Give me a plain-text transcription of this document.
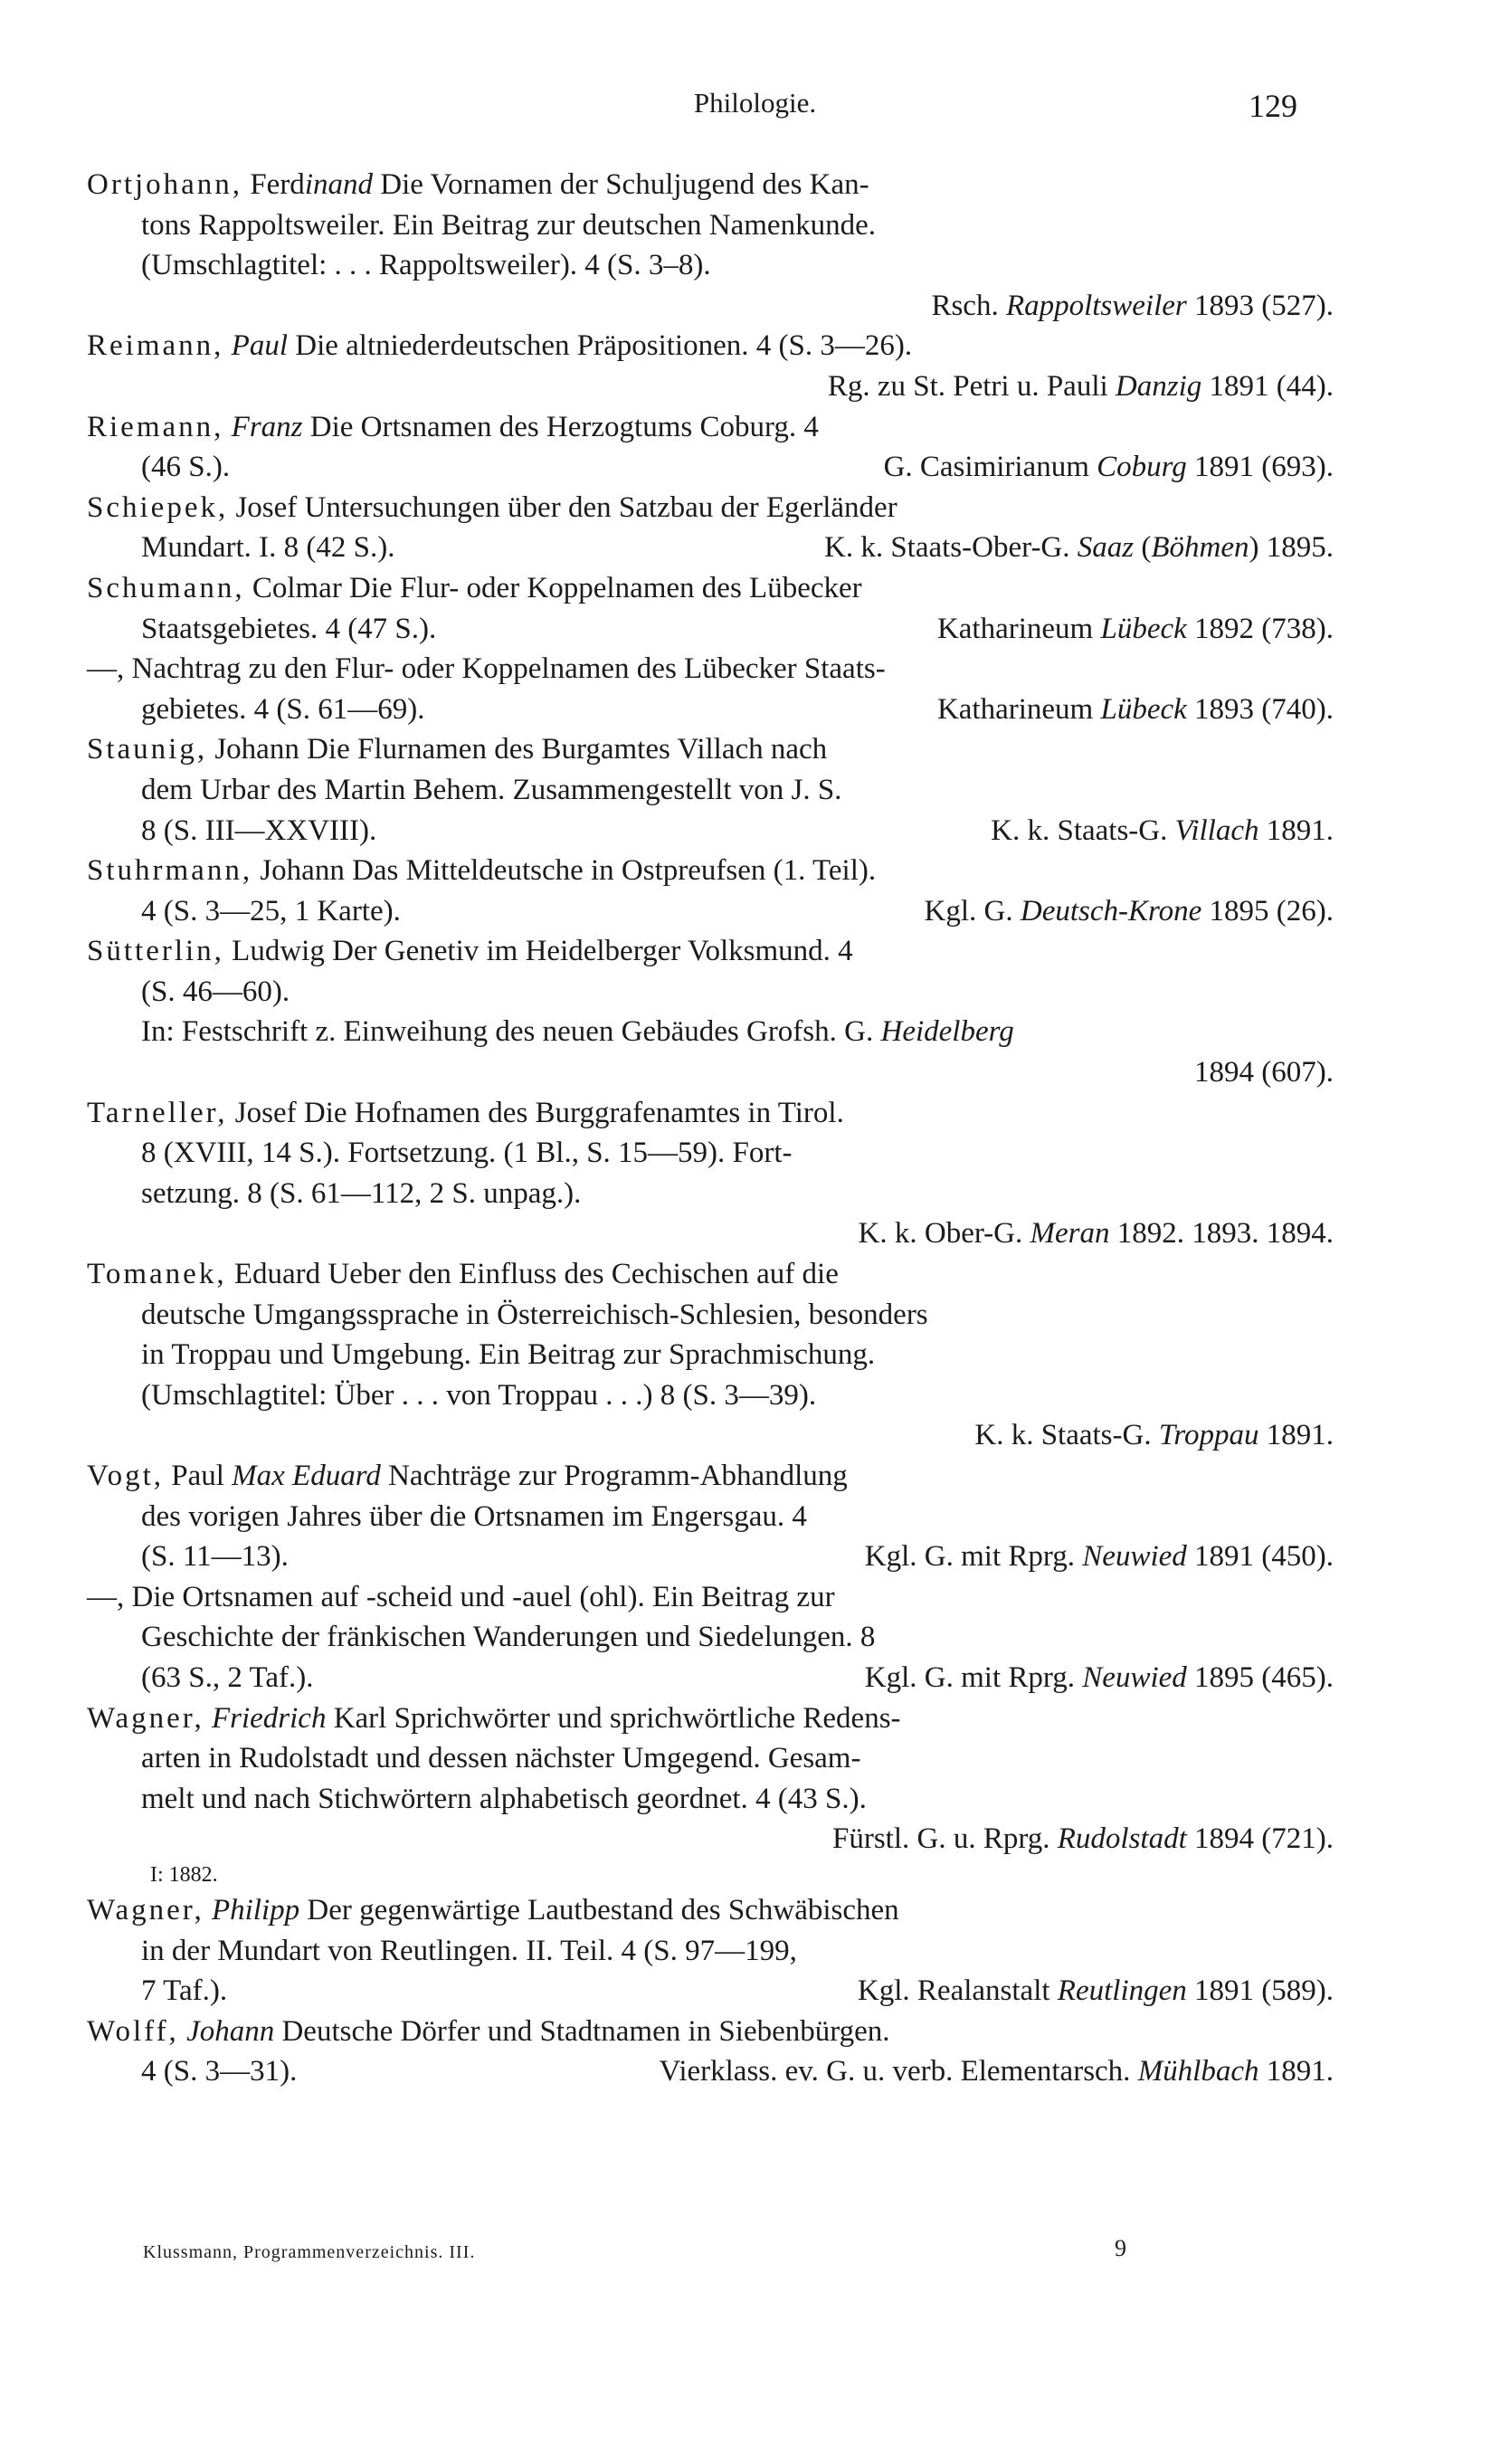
Philologie.	129
Ortjohann, Ferdinand Die Vornamen der Schuljugend des Kan-
tons Rappoltsweiler. Ein Beitrag zur deutschen Namenkunde.
(Umschlagtitel: . . . Rappoltsweiler). 4 (S. 3–8).
Rsch. Rappoltsweiler 1893 (527).
Reimann, Paul Die altniederdeutschen Präpositionen. 4 (S. 3—26).
Rg. zu St. Petri u. Pauli Danzig 1891 (44).
Riemann, Franz Die Ortsnamen des Herzogtums Coburg. 4
(46 S.).	G. Casimirianum Coburg 1891 (693).
Schiepek, Josef Untersuchungen über den Satzbau der Egerländer
Mundart. I. 8 (42 S.).	K. k. Staats-Ober-G. Saaz (Böhmen) 1895.
Schumann, Colmar Die Flur- oder Koppelnamen des Lübecker
Staatsgebietes. 4 (47 S.).	Katharineum Lübeck 1892 (738).
—, Nachtrag zu den Flur- oder Koppelnamen des Lübecker Staats-
gebietes. 4 (S. 61—69).	Katharineum Lübeck 1893 (740).
Staunig, Johann Die Flurnamen des Burgamtes Villach nach
dem Urbar des Martin Behem. Zusammengestellt von J. S.
8 (S. III—XXVIII).	K. k. Staats-G. Villach 1891.
Stuhrmann, Johann Das Mitteldeutsche in Ostpreufsen (1. Teil).
4 (S. 3—25, 1 Karte).	Kgl. G. Deutsch-Krone 1895 (26).
Sütterlin, Ludwig Der Genetiv im Heidelberger Volksmund. 4
(S. 46—60).
In: Festschrift z. Einweihung des neuen Gebäudes Grofsh. G. Heidelberg
1894 (607).
Tarneller, Josef Die Hofnamen des Burggrafenamtes in Tirol.
8 (XVIII, 14 S.). Fortsetzung. (1 Bl., S. 15—59). Fort-
setzung. 8 (S. 61—112, 2 S. unpag.).
K. k. Ober-G. Meran 1892. 1893. 1894.
Tomanek, Eduard Ueber den Einfluss des Cechischen auf die
deutsche Umgangssprache in Österreichisch-Schlesien, besonders
in Troppau und Umgebung. Ein Beitrag zur Sprachmischung.
(Umschlagtitel: Über . . . von Troppau . . .) 8 (S. 3—39).
K. k. Staats-G. Troppau 1891.
Vogt, Paul Max Eduard Nachträge zur Programm-Abhandlung
des vorigen Jahres über die Ortsnamen im Engersgau. 4
(S. 11—13).	Kgl. G. mit Rprg. Neuwied 1891 (450).
—, Die Ortsnamen auf -scheid und -auel (ohl). Ein Beitrag zur
Geschichte der fränkischen Wanderungen und Siedelungen. 8
(63 S., 2 Taf.).	Kgl. G. mit Rprg. Neuwied 1895 (465).
Wagner, Friedrich Karl Sprichwörter und sprichwörtliche Redens-
arten in Rudolstadt und dessen nächster Umgegend. Gesam-
melt und nach Stichwörtern alphabetisch geordnet. 4 (43 S.).
Fürstl. G. u. Rprg. Rudolstadt 1894 (721).
I: 1882.
Wagner, Philipp Der gegenwärtige Lautbestand des Schwäbischen
in der Mundart von Reutlingen. II. Teil. 4 (S. 97—199,
7 Taf.).	Kgl. Realanstalt Reutlingen 1891 (589).
Wolff, Johann Deutsche Dörfer und Stadtnamen in Siebenbürgen.
4 (S. 3—31).	Vierklass. ev. G. u. verb. Elementarsch. Mühlbach 1891.
Klussmann, Programmenverzeichnis. III.	9
